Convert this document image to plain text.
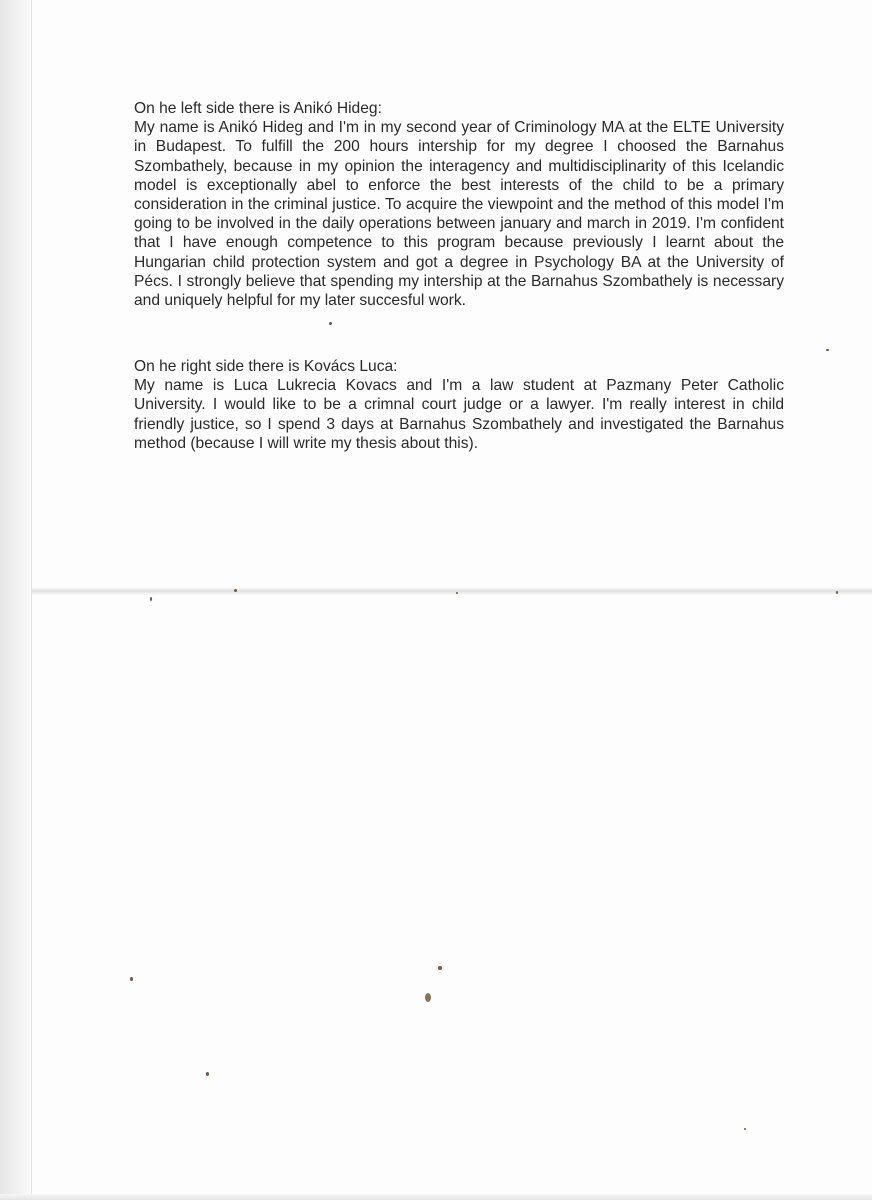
On he left side there is Anikó Hideg:

My name is Anikó Hideg and I'm in my second year of Criminology MA at the ELTE University in Budapest. To fulfill the 200 hours intership for my degree I choosed the Barnahus Szombathely, because in my opinion the interagency and multidisciplinarity of this Icelandic model is exceptionally abel to enforce the best interests of the child to be a primary consideration in the criminal justice. To acquire the viewpoint and the method of this model I'm going to be involved in the daily operations between january and march in 2019. I'm confident that I have enough competence to this program because previously I learnt about the Hungarian child protection system and got a degree in Psychology BA at the University of Pécs. I strongly believe that spending my intership at the Barnahus Szombathely is necessary and uniquely helpful for my later succesful work.

On he right side there is Kovács Luca:

My name is Luca Lukrecia Kovacs and I'm a law student at Pazmany Peter Catholic University. I would like to be a crimnal court judge or a lawyer. I'm really interest in child friendly justice, so I spend 3 days at Barnahus Szombathely and investigated the Barnahus method (because I will write my thesis about this).
